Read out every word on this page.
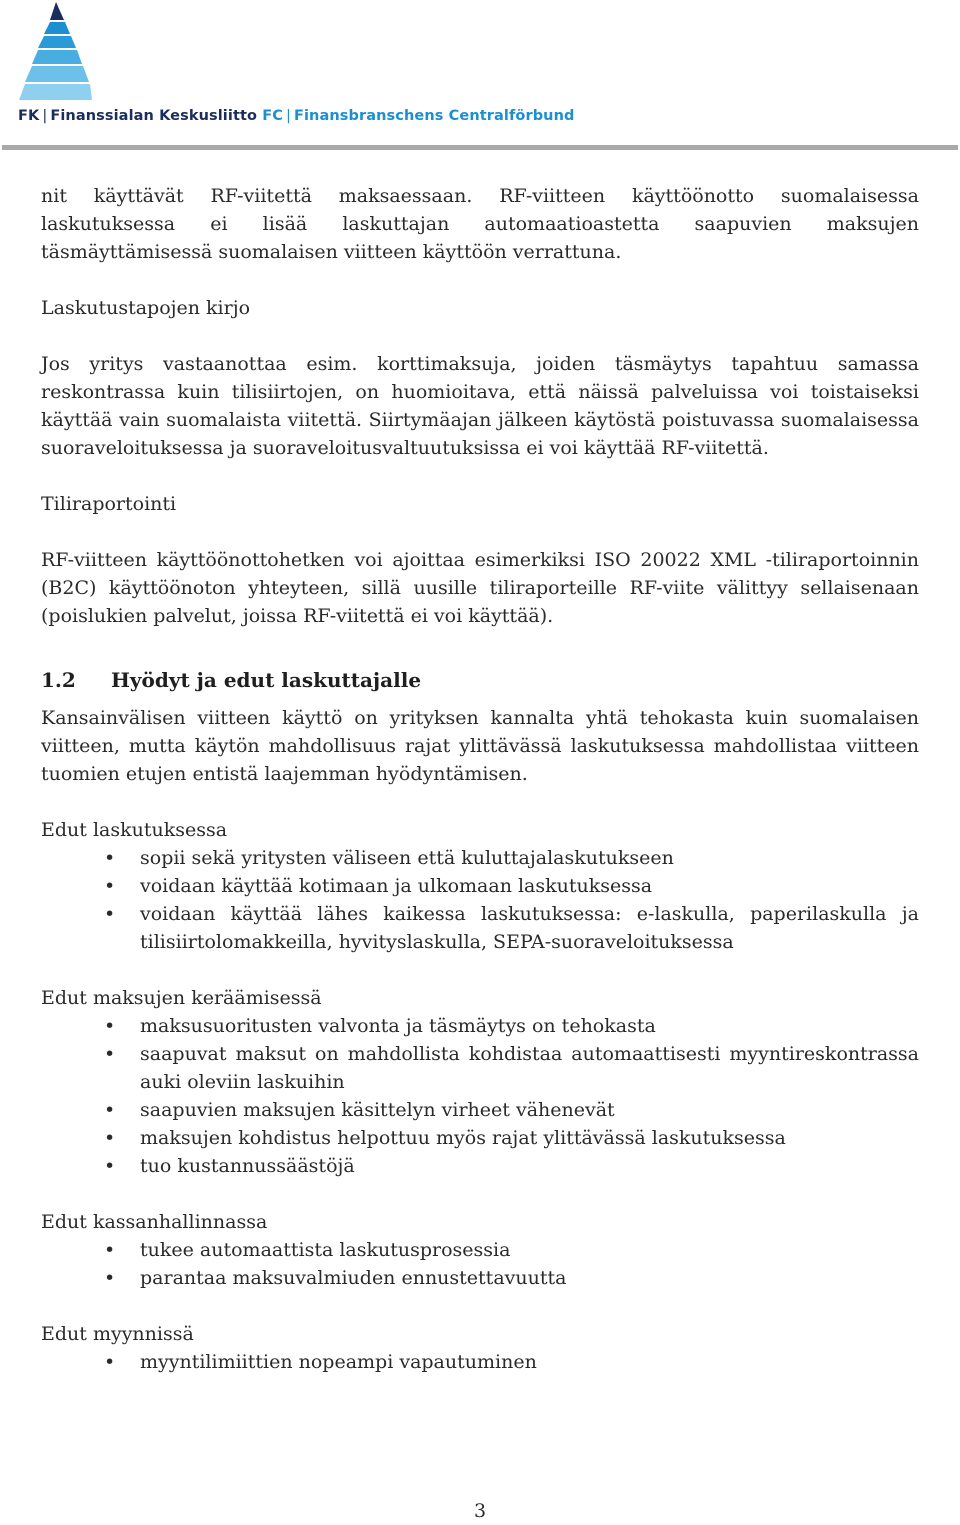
FK | Finanssialan Keskusliitto FC | Finansbranschens Centralförbund

nit käyttävät RF-viitettä maksaessaan. RF-viitteen käyttöönotto suomalaisessa laskutuksessa ei lisää laskuttajan automaatioastetta saapuvien maksujen täsmäyttämisessä suomalaisen viitteen käyttöön verrattuna.

Laskutustapojen kirjo

Jos yritys vastaanottaa esim. korttimaksuja, joiden täsmäytys tapahtuu samassa reskontrassa kuin tilisiirtojen, on huomioitava, että näissä palveluissa voi toistaiseksi käyttää vain suomalaista viitettä. Siirtymäajan jälkeen käytöstä poistuvassa suomalaisessa suoraveloituksessa ja suoraveloitusvaltuutuksissa ei voi käyttää RF-viitettä.

Tiliraportointi

RF-viitteen käyttöönottohetken voi ajoittaa esimerkiksi ISO 20022 XML -tiliraportoinnin (B2C) käyttöönoton yhteyteen, sillä uusille tiliraporteille RF-viite välittyy sellaisenaan (poislukien palvelut, joissa RF-viitettä ei voi käyttää).

1.2 Hyödyt ja edut laskuttajalle

Kansainvälisen viitteen käyttö on yrityksen kannalta yhtä tehokasta kuin suomalaisen viitteen, mutta käytön mahdollisuus rajat ylittävässä laskutuksessa mahdollistaa viitteen tuomien etujen entistä laajemman hyödyntämisen.

Edut laskutuksessa

• sopii sekä yritysten väliseen että kuluttajalaskutukseen
• voidaan käyttää kotimaan ja ulkomaan laskutuksessa
• voidaan käyttää lähes kaikessa laskutuksessa: e-laskulla, paperilaskulla ja tilisiirtolomakkeilla, hyvityslaskulla, SEPA-suoraveloituksessa

Edut maksujen keräämisessä

• maksusuoritusten valvonta ja täsmäytys on tehokasta
• saapuvat maksut on mahdollista kohdistaa automaattisesti myyntireskontrassa auki oleviin laskuihin
• saapuvien maksujen käsittelyn virheet vähenevät
• maksujen kohdistus helpottuu myös rajat ylittävässä laskutuksessa
• tuo kustannussäästöjä

Edut kassanhallinnassa

• tukee automaattista laskutusprosessia
• parantaa maksuvalmiuden ennustettavuutta

Edut myynnissä

• myyntilimiittien nopeampi vapautuminen
3
